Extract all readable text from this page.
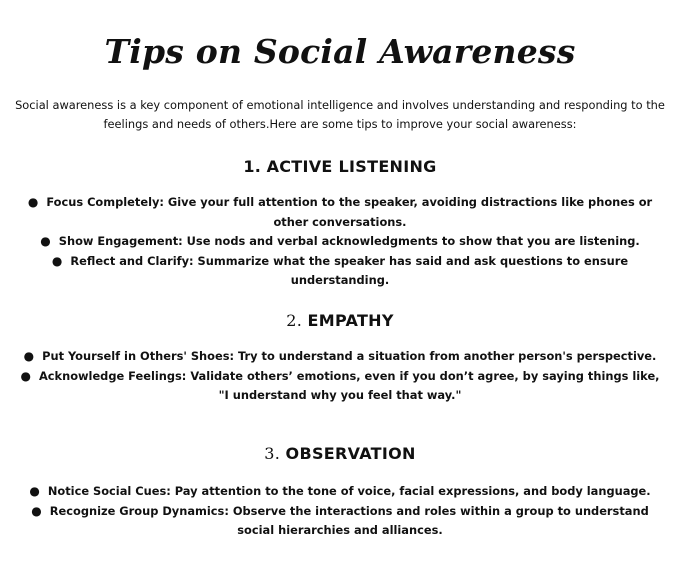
Tips on Social Awareness
Social awareness is a key component of emotional intelligence and involves understanding and responding to the feelings and needs of others.Here are some tips to improve your social awareness:
1. ACTIVE LISTENING
● Focus Completely: Give your full attention to the speaker, avoiding distractions like phones or other conversations.
● Show Engagement: Use nods and verbal acknowledgments to show that you are listening.
● Reflect and Clarify: Summarize what the speaker has said and ask questions to ensure understanding.
2. EMPATHY
● Put Yourself in Others' Shoes: Try to understand a situation from another person's perspective.
● Acknowledge Feelings: Validate others’ emotions, even if you don’t agree, by saying things like, "I understand why you feel that way."
3. OBSERVATION
● Notice Social Cues: Pay attention to the tone of voice, facial expressions, and body language.
● Recognize Group Dynamics: Observe the interactions and roles within a group to understand social hierarchies and alliances.
